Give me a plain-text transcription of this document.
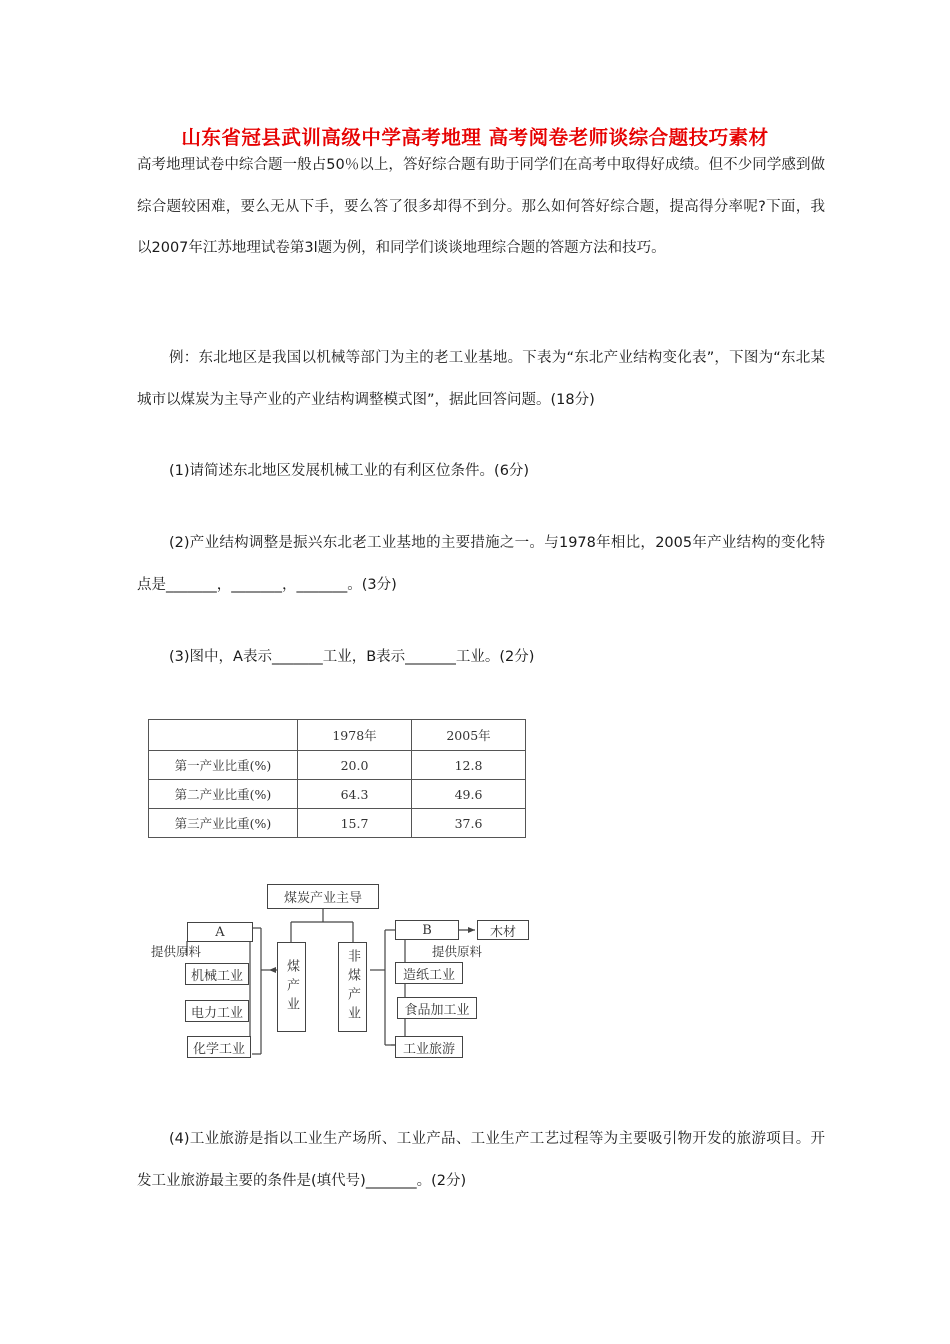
山东省冠县武训高级中学高考地理 高考阅卷老师谈综合题技巧素材
高考地理试卷中综合题一般占50％以上，答好综合题有助于同学们在高考中取得好成绩。但不少同学感到做综合题较困难，要么无从下手，要么答了很多却得不到分。那么如何答好综合题，提高得分率呢?下面，我以2007年江苏地理试卷第3l题为例，和同学们谈谈地理综合题的答题方法和技巧。
例：东北地区是我国以机械等部门为主的老工业基地。下表为“东北产业结构变化表”，下图为“东北某城市以煤炭为主导产业的产业结构调整模式图”，据此回答问题。(18分)
(1)请简述东北地区发展机械工业的有利区位条件。(6分)
(2)产业结构调整是振兴东北老工业基地的主要措施之一。与1978年相比，2005年产业结构的变化特点是_______，_______，_______。(3分)
(3)图中，A表示_______工业，B表示_______工业。(2分)
	1978年	2005年
第一产业比重(%)	20.0	12.8
第二产业比重(%)	64.3	49.6
第三产业比重(%)	15.7	37.6
煤炭产业主导
A
提供原料
机械工业
电力工业
化学工业
煤产业	非煤产业
B	木材
提供原料
造纸工业
食品加工业
工业旅游
(4)工业旅游是指以工业生产场所、工业产品、工业生产工艺过程等为主要吸引物开发的旅游项目。开发工业旅游最主要的条件是(填代号)_______。(2分)
